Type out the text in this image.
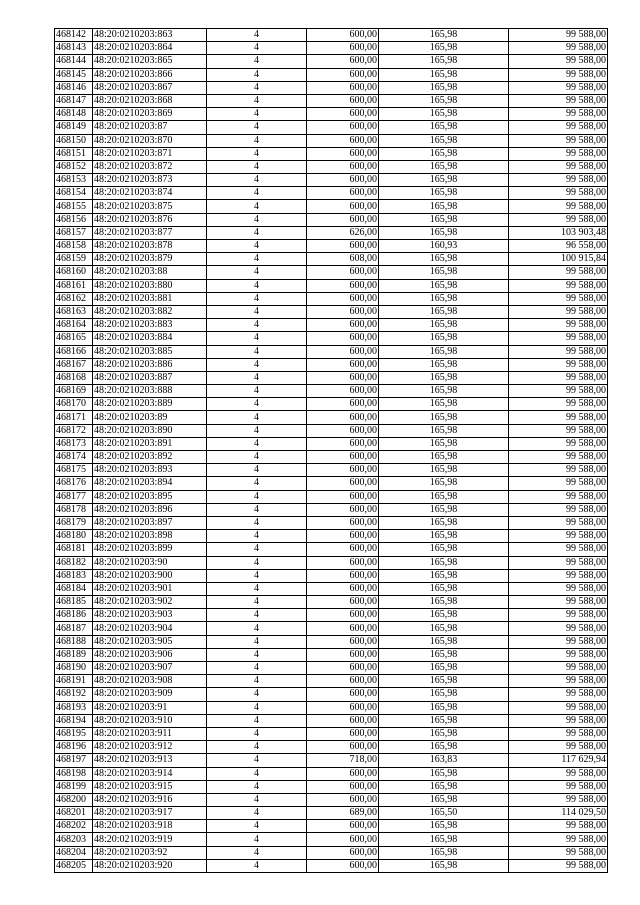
468142	48:20:0210203:863	4	600,00	165,98	99 588,00
468143	48:20:0210203:864	4	600,00	165,98	99 588,00
468144	48:20:0210203:865	4	600,00	165,98	99 588,00
468145	48:20:0210203:866	4	600,00	165,98	99 588,00
468146	48:20:0210203:867	4	600,00	165,98	99 588,00
468147	48:20:0210203:868	4	600,00	165,98	99 588,00
468148	48:20:0210203:869	4	600,00	165,98	99 588,00
468149	48:20:0210203:87	4	600,00	165,98	99 588,00
468150	48:20:0210203:870	4	600,00	165,98	99 588,00
468151	48:20:0210203:871	4	600,00	165,98	99 588,00
468152	48:20:0210203:872	4	600,00	165,98	99 588,00
468153	48:20:0210203:873	4	600,00	165,98	99 588,00
468154	48:20:0210203:874	4	600,00	165,98	99 588,00
468155	48:20:0210203:875	4	600,00	165,98	99 588,00
468156	48:20:0210203:876	4	600,00	165,98	99 588,00
468157	48:20:0210203:877	4	626,00	165,98	103 903,48
468158	48:20:0210203:878	4	600,00	160,93	96 558,00
468159	48:20:0210203:879	4	608,00	165,98	100 915,84
468160	48:20:0210203:88	4	600,00	165,98	99 588,00
468161	48:20:0210203:880	4	600,00	165,98	99 588,00
468162	48:20:0210203:881	4	600,00	165,98	99 588,00
468163	48:20:0210203:882	4	600,00	165,98	99 588,00
468164	48:20:0210203:883	4	600,00	165,98	99 588,00
468165	48:20:0210203:884	4	600,00	165,98	99 588,00
468166	48:20:0210203:885	4	600,00	165,98	99 588,00
468167	48:20:0210203:886	4	600,00	165,98	99 588,00
468168	48:20:0210203:887	4	600,00	165,98	99 588,00
468169	48:20:0210203:888	4	600,00	165,98	99 588,00
468170	48:20:0210203:889	4	600,00	165,98	99 588,00
468171	48:20:0210203:89	4	600,00	165,98	99 588,00
468172	48:20:0210203:890	4	600,00	165,98	99 588,00
468173	48:20:0210203:891	4	600,00	165,98	99 588,00
468174	48:20:0210203:892	4	600,00	165,98	99 588,00
468175	48:20:0210203:893	4	600,00	165,98	99 588,00
468176	48:20:0210203:894	4	600,00	165,98	99 588,00
468177	48:20:0210203:895	4	600,00	165,98	99 588,00
468178	48:20:0210203:896	4	600,00	165,98	99 588,00
468179	48:20:0210203:897	4	600,00	165,98	99 588,00
468180	48:20:0210203:898	4	600,00	165,98	99 588,00
468181	48:20:0210203:899	4	600,00	165,98	99 588,00
468182	48:20:0210203:90	4	600,00	165,98	99 588,00
468183	48:20:0210203:900	4	600,00	165,98	99 588,00
468184	48:20:0210203:901	4	600,00	165,98	99 588,00
468185	48:20:0210203:902	4	600,00	165,98	99 588,00
468186	48:20:0210203:903	4	600,00	165,98	99 588,00
468187	48:20:0210203:904	4	600,00	165,98	99 588,00
468188	48:20:0210203:905	4	600,00	165,98	99 588,00
468189	48:20:0210203:906	4	600,00	165,98	99 588,00
468190	48:20:0210203:907	4	600,00	165,98	99 588,00
468191	48:20:0210203:908	4	600,00	165,98	99 588,00
468192	48:20:0210203:909	4	600,00	165,98	99 588,00
468193	48:20:0210203:91	4	600,00	165,98	99 588,00
468194	48:20:0210203:910	4	600,00	165,98	99 588,00
468195	48:20:0210203:911	4	600,00	165,98	99 588,00
468196	48:20:0210203:912	4	600,00	165,98	99 588,00
468197	48:20:0210203:913	4	718,00	163,83	117 629,94
468198	48:20:0210203:914	4	600,00	165,98	99 588,00
468199	48:20:0210203:915	4	600,00	165,98	99 588,00
468200	48:20:0210203:916	4	600,00	165,98	99 588,00
468201	48:20:0210203:917	4	689,00	165,50	114 029,50
468202	48:20:0210203:918	4	600,00	165,98	99 588,00
468203	48:20:0210203:919	4	600,00	165,98	99 588,00
468204	48:20:0210203:92	4	600,00	165,98	99 588,00
468205	48:20:0210203:920	4	600,00	165,98	99 588,00
